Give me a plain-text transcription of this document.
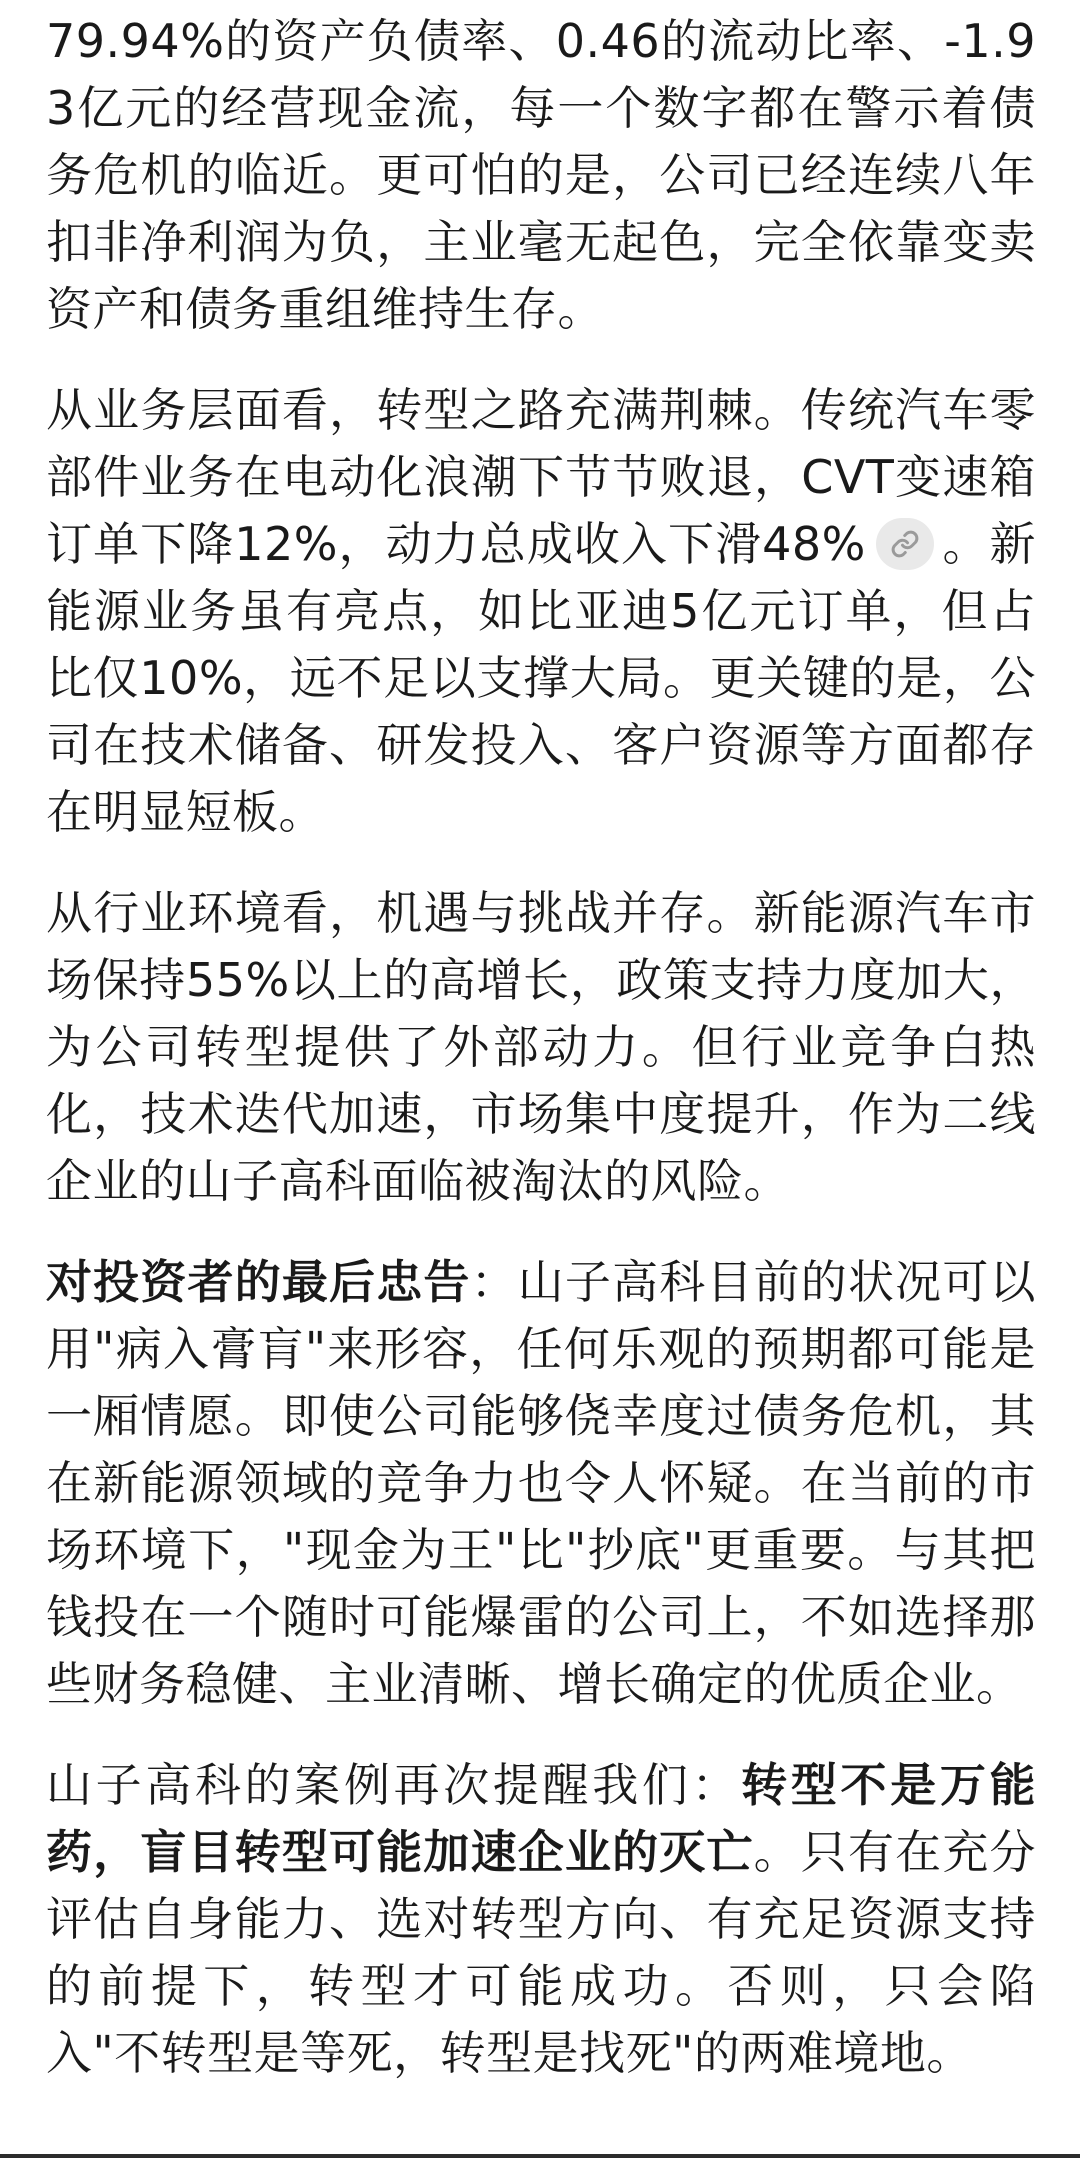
79.94%的资产负债率、0.46的流动比率、-1.93亿元的经营现金流，每一个数字都在警示着债务危机的临近。更可怕的是，公司已经连续八年扣非净利润为负，主业毫无起色，完全依靠变卖资产和债务重组维持生存。

从业务层面看，转型之路充满荆棘。传统汽车零部件业务在电动化浪潮下节节败退，CVT变速箱订单下降12%，动力总成收入下滑48% 。新能源业务虽有亮点，如比亚迪5亿元订单，但占比仅10%，远不足以支撑大局。更关键的是，公司在技术储备、研发投入、客户资源等方面都存在明显短板。

从行业环境看，机遇与挑战并存。新能源汽车市场保持55%以上的高增长，政策支持力度加大，为公司转型提供了外部动力。但行业竞争白热化，技术迭代加速，市场集中度提升，作为二线企业的山子高科面临被淘汰的风险。

对投资者的最后忠告：山子高科目前的状况可以用"病入膏肓"来形容，任何乐观的预期都可能是一厢情愿。即使公司能够侥幸度过债务危机，其在新能源领域的竞争力也令人怀疑。在当前的市场环境下，"现金为王"比"抄底"更重要。与其把钱投在一个随时可能爆雷的公司上，不如选择那些财务稳健、主业清晰、增长确定的优质企业。

山子高科的案例再次提醒我们：转型不是万能药，盲目转型可能加速企业的灭亡。只有在充分评估自身能力、选对转型方向、有充足资源支持的前提下，转型才可能成功。否则，只会陷入"不转型是等死，转型是找死"的两难境地。
